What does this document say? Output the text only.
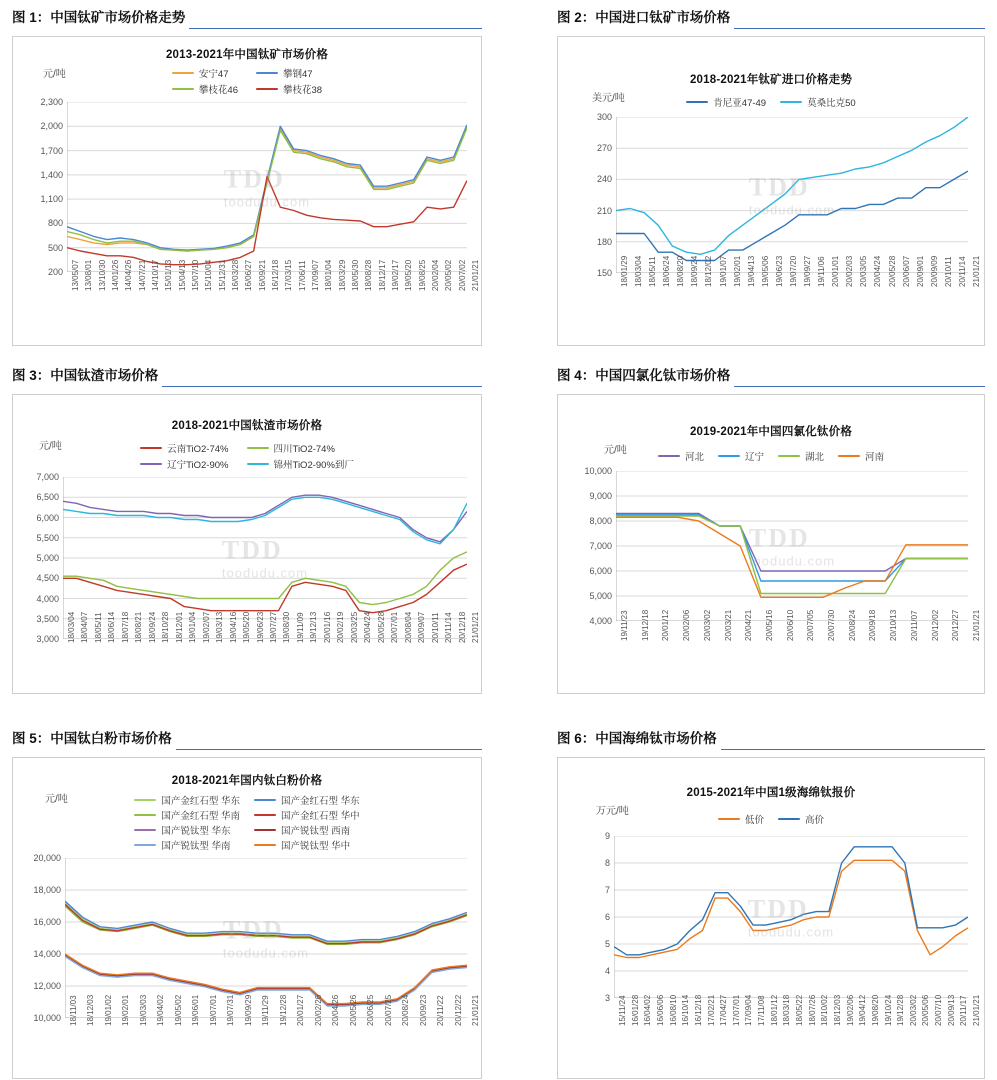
图 1： 中国钛矿市场价格走势
2013-2021年中国钛矿市场价格
元/吨	安宁47	攀钢47
攀枝花46	攀枝花38
TDD
toodudu.com
200
500
800
1,100
1,400
1,700
2,000
2,300
13/05/07 13/08/01 13/10/30 14/01/26 14/04/26 14/07/21 14/10/17 15/01/13 15/04/13 15/07/10 15/10/04 15/12/31 16/03/28 16/06/27 16/09/21 16/12/18 17/03/15 17/06/11 17/09/07 18/01/04 18/03/29 18/05/30 18/08/28 18/12/17 19/02/17 19/05/20 19/08/25 20/02/04 20/05/02 20/07/02 21/01/21
图 2： 中国进口钛矿市场价格
2018-2021年钛矿进口价格走势
美元/吨	肯尼亚47-49	莫桑比克50
TDD
toodudu.com
150
180
210
240
270
300
18/01/29 18/03/04 18/05/11 18/06/24 18/08/20 18/09/24 18/12/02 19/01/07 19/02/01 19/04/13 19/05/06 19/06/23 19/07/20 19/09/27 19/11/06 20/01/01 20/02/03 20/03/05 20/04/24 20/05/28 20/06/07 20/09/01 20/09/09 20/10/11 20/11/14 21/01/21
图 3： 中国钛渣市场价格
2018-2021中国钛渣市场价格
元/吨	云南TiO2-74%	四川TiO2-74%
辽宁TiO2-90%	锦州TiO2-90%到厂
TDD
toodudu.com
3,000
3,500
4,000
4,500
5,000
5,500
6,000
6,500
7,000
18/03/04 18/04/07 18/05/11 18/06/14 18/07/18 18/08/21 18/09/24 18/10/28 18/12/01 19/01/04 19/02/07 19/03/13 19/04/16 19/05/20 19/06/23 19/07/27 19/08/30 19/11/09 19/12/13 20/01/16 20/02/19 20/03/25 20/04/24 20/05/28 20/07/01 20/08/04 20/09/07 20/10/11 20/11/14 20/12/18 21/01/21
图 4： 中国四氯化钛市场价格
2019-2021年中国四氯化钛价格
元/吨
河北	辽宁	湖北	河南
TDD
toodudu.com
4,000
5,000
6,000
7,000
8,000
9,000
10,000
19/11/23 19/12/18 20/01/12 20/02/06 20/03/02 20/03/21 20/04/21 20/05/16 20/06/10 20/07/05 20/07/30 20/08/24 20/09/18 20/10/13 20/11/07 20/12/02 20/12/27 21/01/21
图 5： 中国钛白粉市场价格
2018-2021年国内钛白粉价格
元/吨	国产金红石型 华东	国产金红石型 华东
国产金红石型 华南	国产金红石型 华中
国产锐钛型 华东	国产锐钛型 西南
国产锐钛型 华南	国产锐钛型 华中
TDD
toodudu.com
10,000
12,000
14,000
16,000
18,000
20,000
18/11/03 18/12/03 19/01/02 19/02/01 19/03/03 19/04/02 19/05/02 19/06/01 19/07/01 19/07/31 19/09/29 19/11/29 19/12/28 20/01/27 20/02/26 20/04/26 20/05/26 20/06/25 20/07/25 20/08/24 20/09/23 20/11/22 20/12/22 21/01/21
图 6： 中国海绵钛市场价格
2015-2021年中国1级海绵钛报价
万元/吨
低价	高价
TDD
toodudu.com
3
4
5
6
7
8
9
15/11/24 16/01/28 16/04/02 16/06/06 16/08/10 16/10/14 16/12/18 17/02/21 17/04/27 17/07/01 17/09/04 17/11/08 18/01/12 18/03/18 18/05/22 18/07/26 18/10/02 18/12/03 19/02/06 19/04/12 19/08/20 19/10/24 19/12/28 20/03/02 20/05/06 20/07/10 20/09/13 20/11/17 21/01/21
